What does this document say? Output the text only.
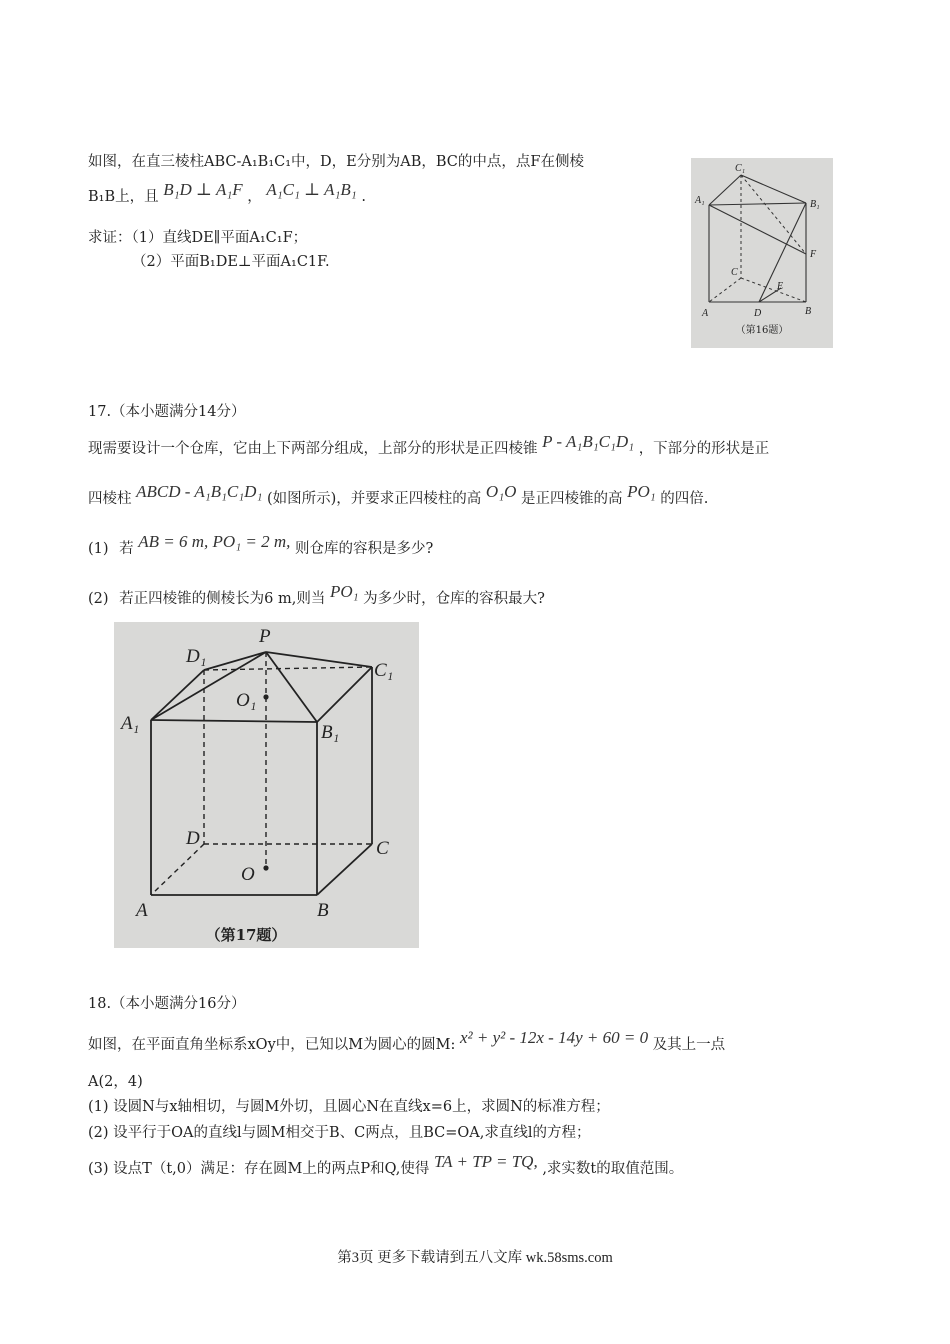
如图，在直三棱柱ABC-A₁B₁C₁中，D，E分别为AB，BC的中点，点F在侧棱
B₁B上，且 B₁D ⊥ A₁F ， A₁C₁ ⊥ A₁B₁ .
求证：（1）直线DE∥平面A₁C₁F；
（2）平面B₁DE⊥平面A₁C1F.
C₁
A₁	B₁
C
F
E
A	D	B
（第16题）
17.（本小题满分14分）
现需要设计一个仓库，它由上下两部分组成，上部分的形状是正四棱锥 P - A₁B₁C₁D₁ ，下部分的形状是正
四棱柱 ABCD - A₁B₁C₁D₁ (如图所示)，并要求正四棱柱的高 O₁O 是正四棱锥的高 PO₁ 的四倍.
(1) 若 AB = 6 m, PO₁ = 2 m, 则仓库的容积是多少?
(2) 若正四棱锥的侧棱长为6 m,则当 PO₁ 为多少时，仓库的容积最大?
P
D₁
C₁
O₁
A₁	B₁
D	C
O
A	B
（第17题）
18.（本小题满分16分）
如图，在平面直角坐标系xOy中，已知以M为圆心的圆M: x² + y² - 12x - 14y + 60 = 0 及其上一点
A(2，4)
(1) 设圆N与x轴相切，与圆M外切，且圆心N在直线x=6上，求圆N的标准方程；
(2) 设平行于OA的直线l与圆M相交于B、C两点，且BC=OA,求直线l的方程；
(3) 设点T（t,0）满足：存在圆M上的两点P和Q,使得 TA + TP = TQ, ,求实数t的取值范围。
第3页 更多下载请到五八文库 wk.58sms.com
